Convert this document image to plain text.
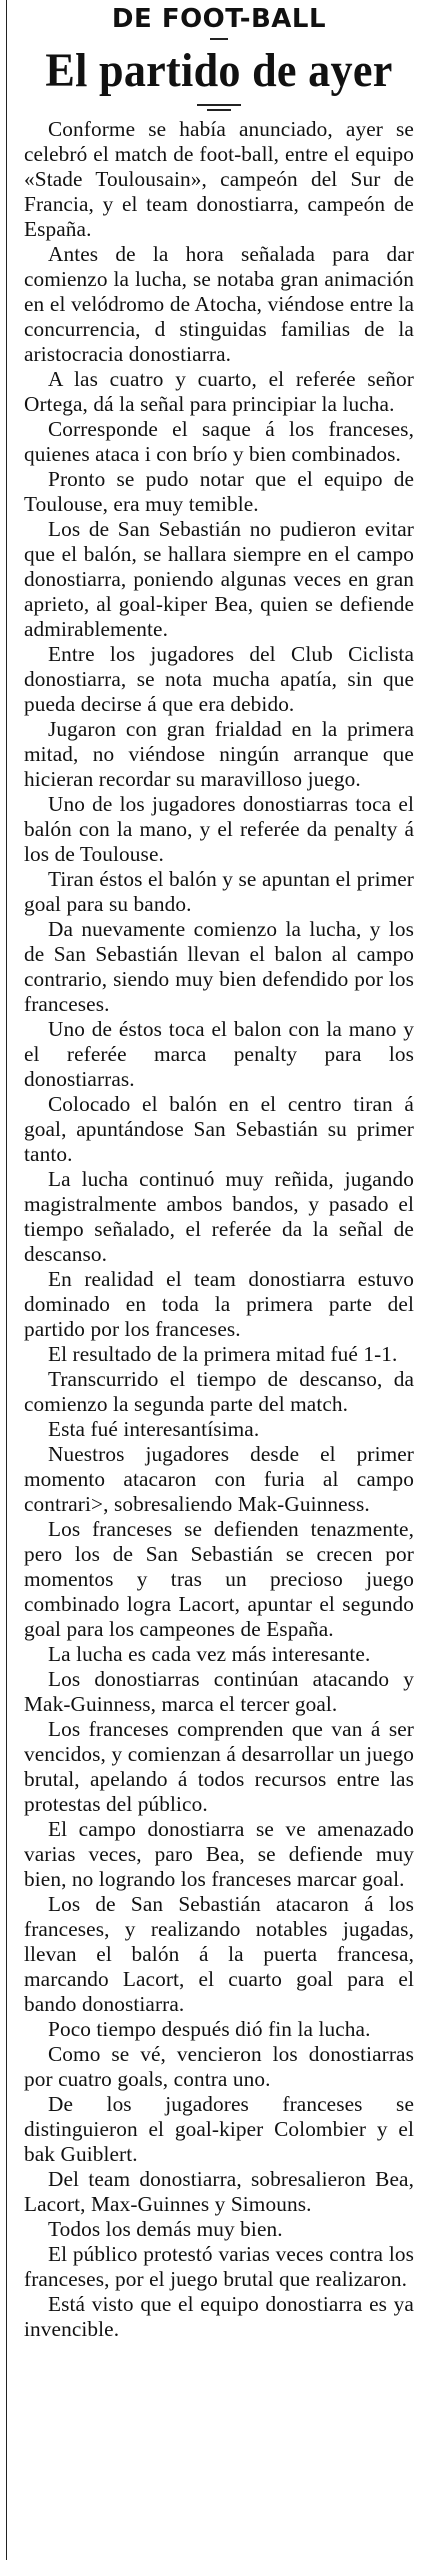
DE FOOT-BALL
El partido de ayer

Conforme se había anunciado, ayer se celebró el match de foot-ball, entre el equipo «Stade Toulousain», campeón del Sur de Francia, y el team donostiarra, campeón de España.

Antes de la hora señalada para dar comienzo la lucha, se notaba gran animación en el velódromo de Atocha, viéndose entre la concurrencia, d stinguidas familias de la aristocracia donostiarra.

A las cuatro y cuarto, el referée señor Ortega, dá la señal para principiar la lucha.

Corresponde el saque á los franceses, quienes ataca i con brío y bien combinados.

Pronto se pudo notar que el equipo de Toulouse, era muy temible.

Los de San Sebastián no pudieron evitar que el balón, se hallara siempre en el campo donostiarra, poniendo algunas veces en gran aprieto, al goal-kiper Bea, quien se defiende admirablemente.

Entre los jugadores del Club Ciclista donostiarra, se nota mucha apatía, sin que pueda decirse á que era debido.

Jugaron con gran frialdad en la primera mitad, no viéndose ningún arranque que hicieran recordar su maravilloso juego.

Uno de los jugadores donostiarras toca el balón con la mano, y el referée da penalty á los de Toulouse.

Tiran éstos el balón y se apuntan el primer goal para su bando.

Da nuevamente comienzo la lucha, y los de San Sebastián llevan el balon al campo contrario, siendo muy bien defendido por los franceses.

Uno de éstos toca el balon con la mano y el referée marca penalty para los donostiarras.

Colocado el balón en el centro tiran á goal, apuntándose San Sebastián su primer tanto.

La lucha continuó muy reñida, jugando magistralmente ambos bandos, y pasado el tiempo señalado, el referée da la señal de descanso.

En realidad el team donostiarra estuvo dominado en toda la primera parte del partido por los franceses.

El resultado de la primera mitad fué 1-1.

Transcurrido el tiempo de descanso, da comienzo la segunda parte del match.

Esta fué interesantísima.

Nuestros jugadores desde el primer momento atacaron con furia al campo contrari>, sobresaliendo Mak-Guinness.

Los franceses se defienden tenazmente, pero los de San Sebastián se crecen por momentos y tras un precioso juego combinado logra Lacort, apuntar el segundo goal para los campeones de España.

La lucha es cada vez más interesante.

Los donostiarras continúan atacando y Mak-Guinness, marca el tercer goal.

Los franceses comprenden que van á ser vencidos, y comienzan á desarrollar un juego brutal, apelando á todos recursos entre las protestas del público.

El campo donostiarra se ve amenazado varias veces, paro Bea, se defiende muy bien, no logrando los franceses marcar goal.

Los de San Sebastián atacaron á los franceses, y realizando notables jugadas, llevan el balón á la puerta francesa, marcando Lacort, el cuarto goal para el bando donostiarra.

Poco tiempo después dió fin la lucha.

Como se vé, vencieron los donostiarras por cuatro goals, contra uno.

De los jugadores franceses se distinguieron el goal-kiper Colombier y el bak Guiblert.

Del team donostiarra, sobresalieron Bea, Lacort, Max-Guinnes y Simouns.

Todos los demás muy bien.

El público protestó varias veces contra los franceses, por el juego brutal que realizaron.

Está visto que el equipo donostiarra es ya invencible.
